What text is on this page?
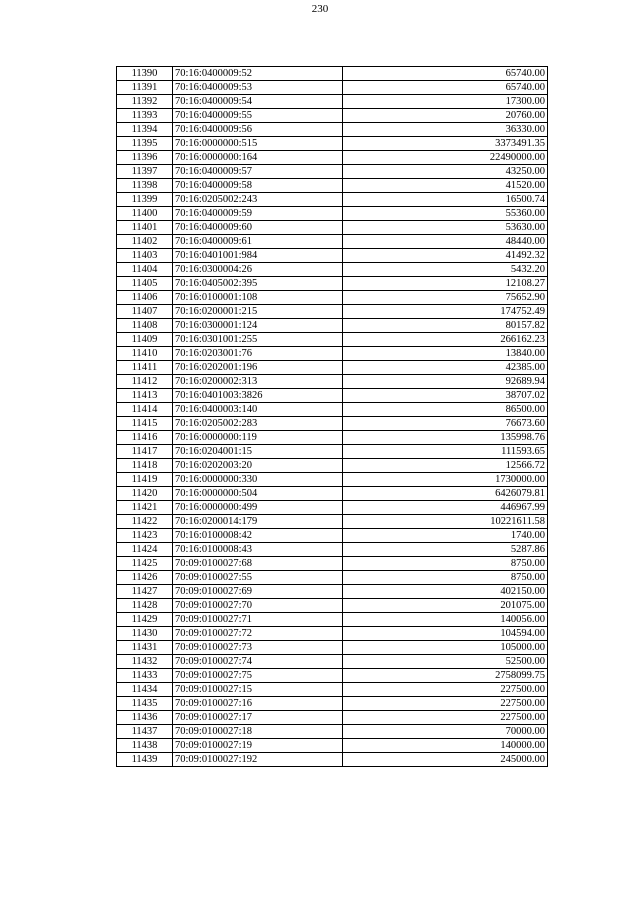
230
11390	70:16:0400009:52	65740.00
11391	70:16:0400009:53	65740.00
11392	70:16:0400009:54	17300.00
11393	70:16:0400009:55	20760.00
11394	70:16:0400009:56	36330.00
11395	70:16:0000000:515	3373491.35
11396	70:16:0000000:164	22490000.00
11397	70:16:0400009:57	43250.00
11398	70:16:0400009:58	41520.00
11399	70:16:0205002:243	16500.74
11400	70:16:0400009:59	55360.00
11401	70:16:0400009:60	53630.00
11402	70:16:0400009:61	48440.00
11403	70:16:0401001:984	41492.32
11404	70:16:0300004:26	5432.20
11405	70:16:0405002:395	12108.27
11406	70:16:0100001:108	75652.90
11407	70:16:0200001:215	174752.49
11408	70:16:0300001:124	80157.82
11409	70:16:0301001:255	266162.23
11410	70:16:0203001:76	13840.00
11411	70:16:0202001:196	42385.00
11412	70:16:0200002:313	92689.94
11413	70:16:0401003:3826	38707.02
11414	70:16:0400003:140	86500.00
11415	70:16:0205002:283	76673.60
11416	70:16:0000000:119	135998.76
11417	70:16:0204001:15	111593.65
11418	70:16:0202003:20	12566.72
11419	70:16:0000000:330	1730000.00
11420	70:16:0000000:504	6426079.81
11421	70:16:0000000:499	446967.99
11422	70:16:0200014:179	10221611.58
11423	70:16:0100008:42	1740.00
11424	70:16:0100008:43	5287.86
11425	70:09:0100027:68	8750.00
11426	70:09:0100027:55	8750.00
11427	70:09:0100027:69	402150.00
11428	70:09:0100027:70	201075.00
11429	70:09:0100027:71	140056.00
11430	70:09:0100027:72	104594.00
11431	70:09:0100027:73	105000.00
11432	70:09:0100027:74	52500.00
11433	70:09:0100027:75	2758099.75
11434	70:09:0100027:15	227500.00
11435	70:09:0100027:16	227500.00
11436	70:09:0100027:17	227500.00
11437	70:09:0100027:18	70000.00
11438	70:09:0100027:19	140000.00
11439	70:09:0100027:192	245000.00
